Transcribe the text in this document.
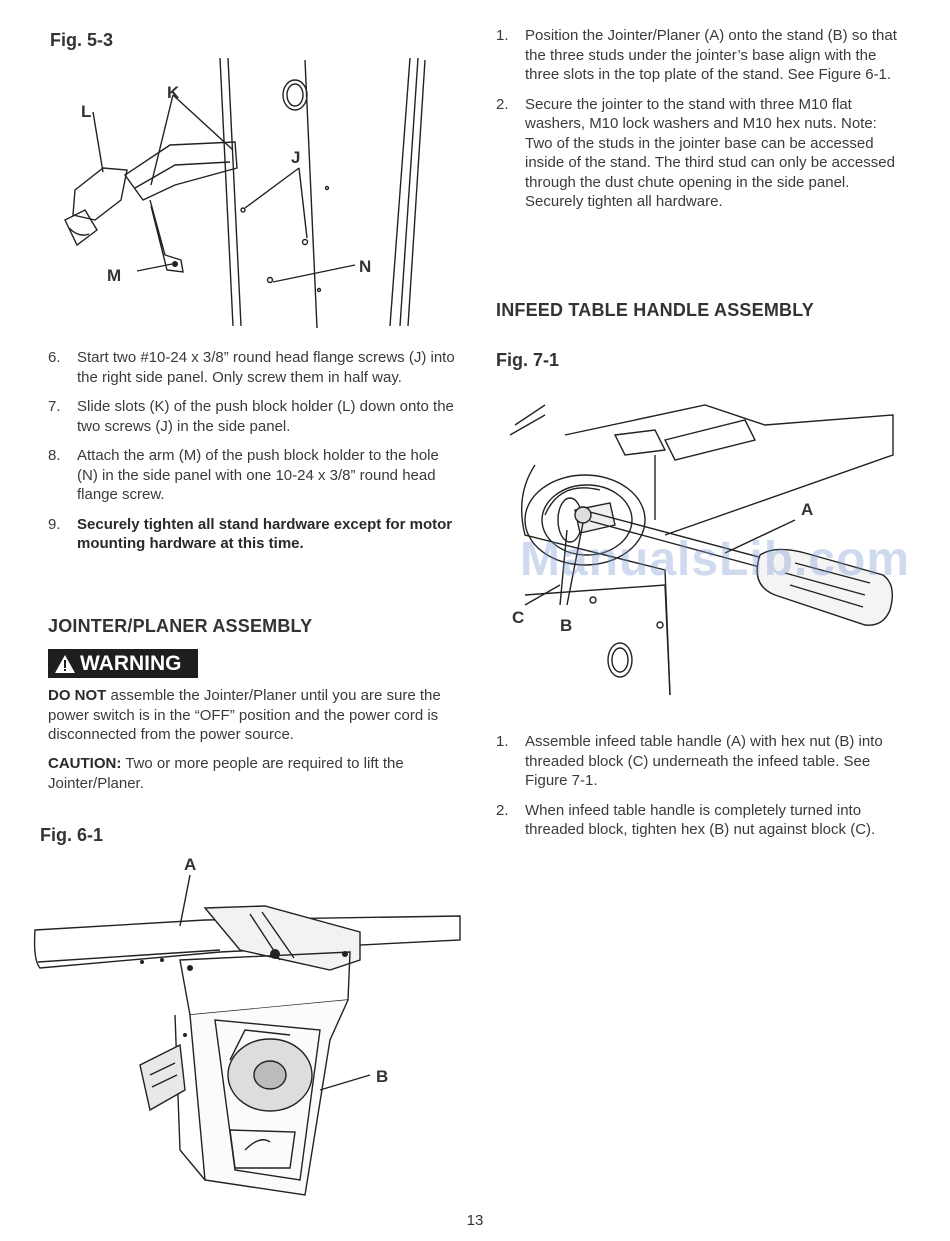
Fig. 5-3
K
L
J
M	N
6. Start two #10-24 x 3/8” round head flange screws (J) into the right side panel. Only screw them in half way.
7. Slide slots (K) of the push block holder (L) down onto the two screws (J) in the side panel.
8. Attach the arm (M) of the push block holder to the hole (N) in the side panel with one 10-24 x 3/8” round head flange screw.
9. Securely tighten all stand hardware except for motor mounting hardware at this time.
JOINTER/PLANER ASSEMBLY
WARNING

DO NOT assemble the Jointer/Planer until you are sure the power switch is in the “OFF” position and the power cord is disconnected from the power source.

CAUTION: Two or more people are required to lift the Jointer/Planer.

Fig. 6-1
A
B
1. Position the Jointer/Planer (A) onto the stand (B) so that the three studs under the jointer’s base align with the three slots in the top plate of the stand. See Figure 6-1.
2. Secure the jointer to the stand with three M10 flat washers, M10 lock washers and M10 hex nuts. Note: Two of the studs in the jointer base can be accessed inside of the stand. The third stud can only be accessed through the dust chute opening in the side panel. Securely tighten all hardware.
INFEED TABLE HANDLE ASSEMBLY
Fig. 7-1
A
C B
1. Assemble infeed table handle (A) with hex nut (B) into threaded block (C) underneath the infeed table. See Figure 7-1.
2. When infeed table handle is completely turned into threaded block, tighten hex (B) nut against block (C).
ManualsLib.com
13
